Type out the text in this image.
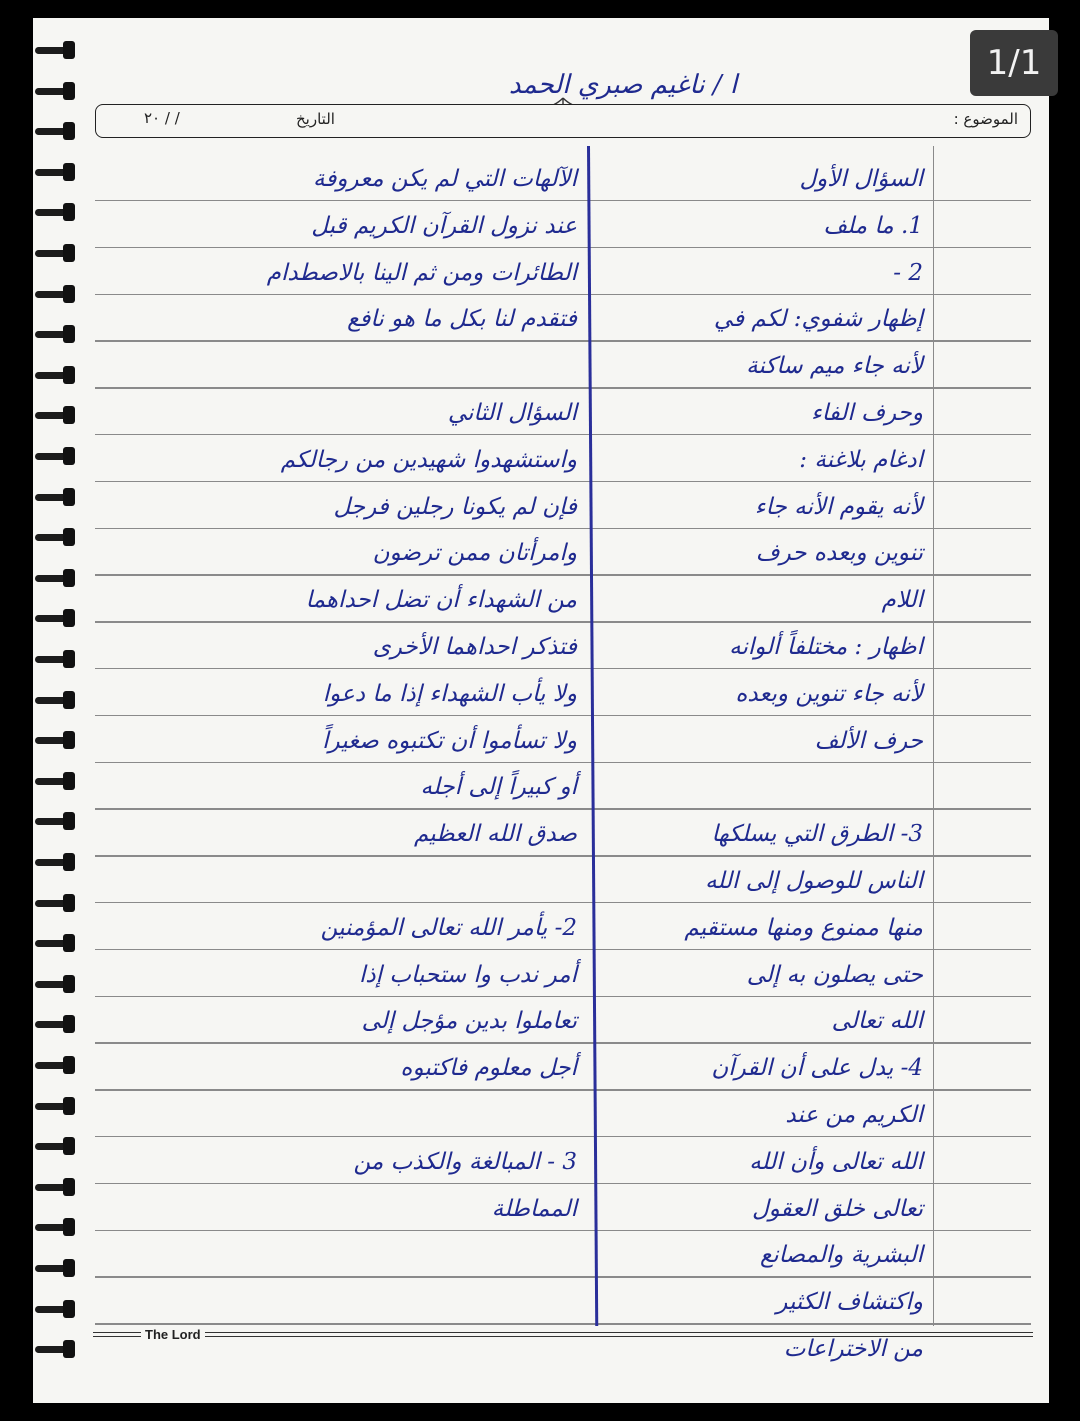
ا / ناغيم صبري الحمد
الموضوع :
التاريخ
/ / ٢٠
السؤال الأول
1. ما ملف
2 -
إظهار شفوي: لكم في
لأنه جاء ميم ساكنة
وحرف الفاء
ادغام بلاغنة :
لأنه يقوم الأنه جاء
تنوين وبعده حرف
اللام
اظهار : مختلفاً ألوانه
لأنه جاء تنوين وبعده
حرف الألف
3- الطرق التي يسلكها
الناس للوصول إلى الله
منها ممنوع ومنها مستقيم
حتى يصلون به إلى
الله تعالى
4- يدل على أن القرآن
الكريم من عند
الله تعالى وأن الله
تعالى خلق العقول
البشرية والمصانع
واكتشاف الكثير
من الاختراعات
الآلهات التي لم يكن معروفة
عند نزول القرآن الكريم قبل
الطائرات ومن ثم الينا بالاصطدام
فتقدم لنا بكل ما هو نافع
السؤال الثاني
واستشهدوا شهيدين من رجالكم
فإن لم يكونا رجلين فرجل
وامرأتان ممن ترضون
من الشهداء أن تضل احداهما
فتذكر احداهما الأخرى
ولا يأب الشهداء إذا ما دعوا
ولا تسأموا أن تكتبوه صغيراً
أو كبيراً إلى أجله
صدق الله العظيم
2- يأمر الله تعالى المؤمنين
أمر ندب وا ستحباب إذا
تعاملوا بدين مؤجل إلى
أجل معلوم فاكتبوه
3 - المبالغة والكذب من
المماطلة
The Lord
1/1
